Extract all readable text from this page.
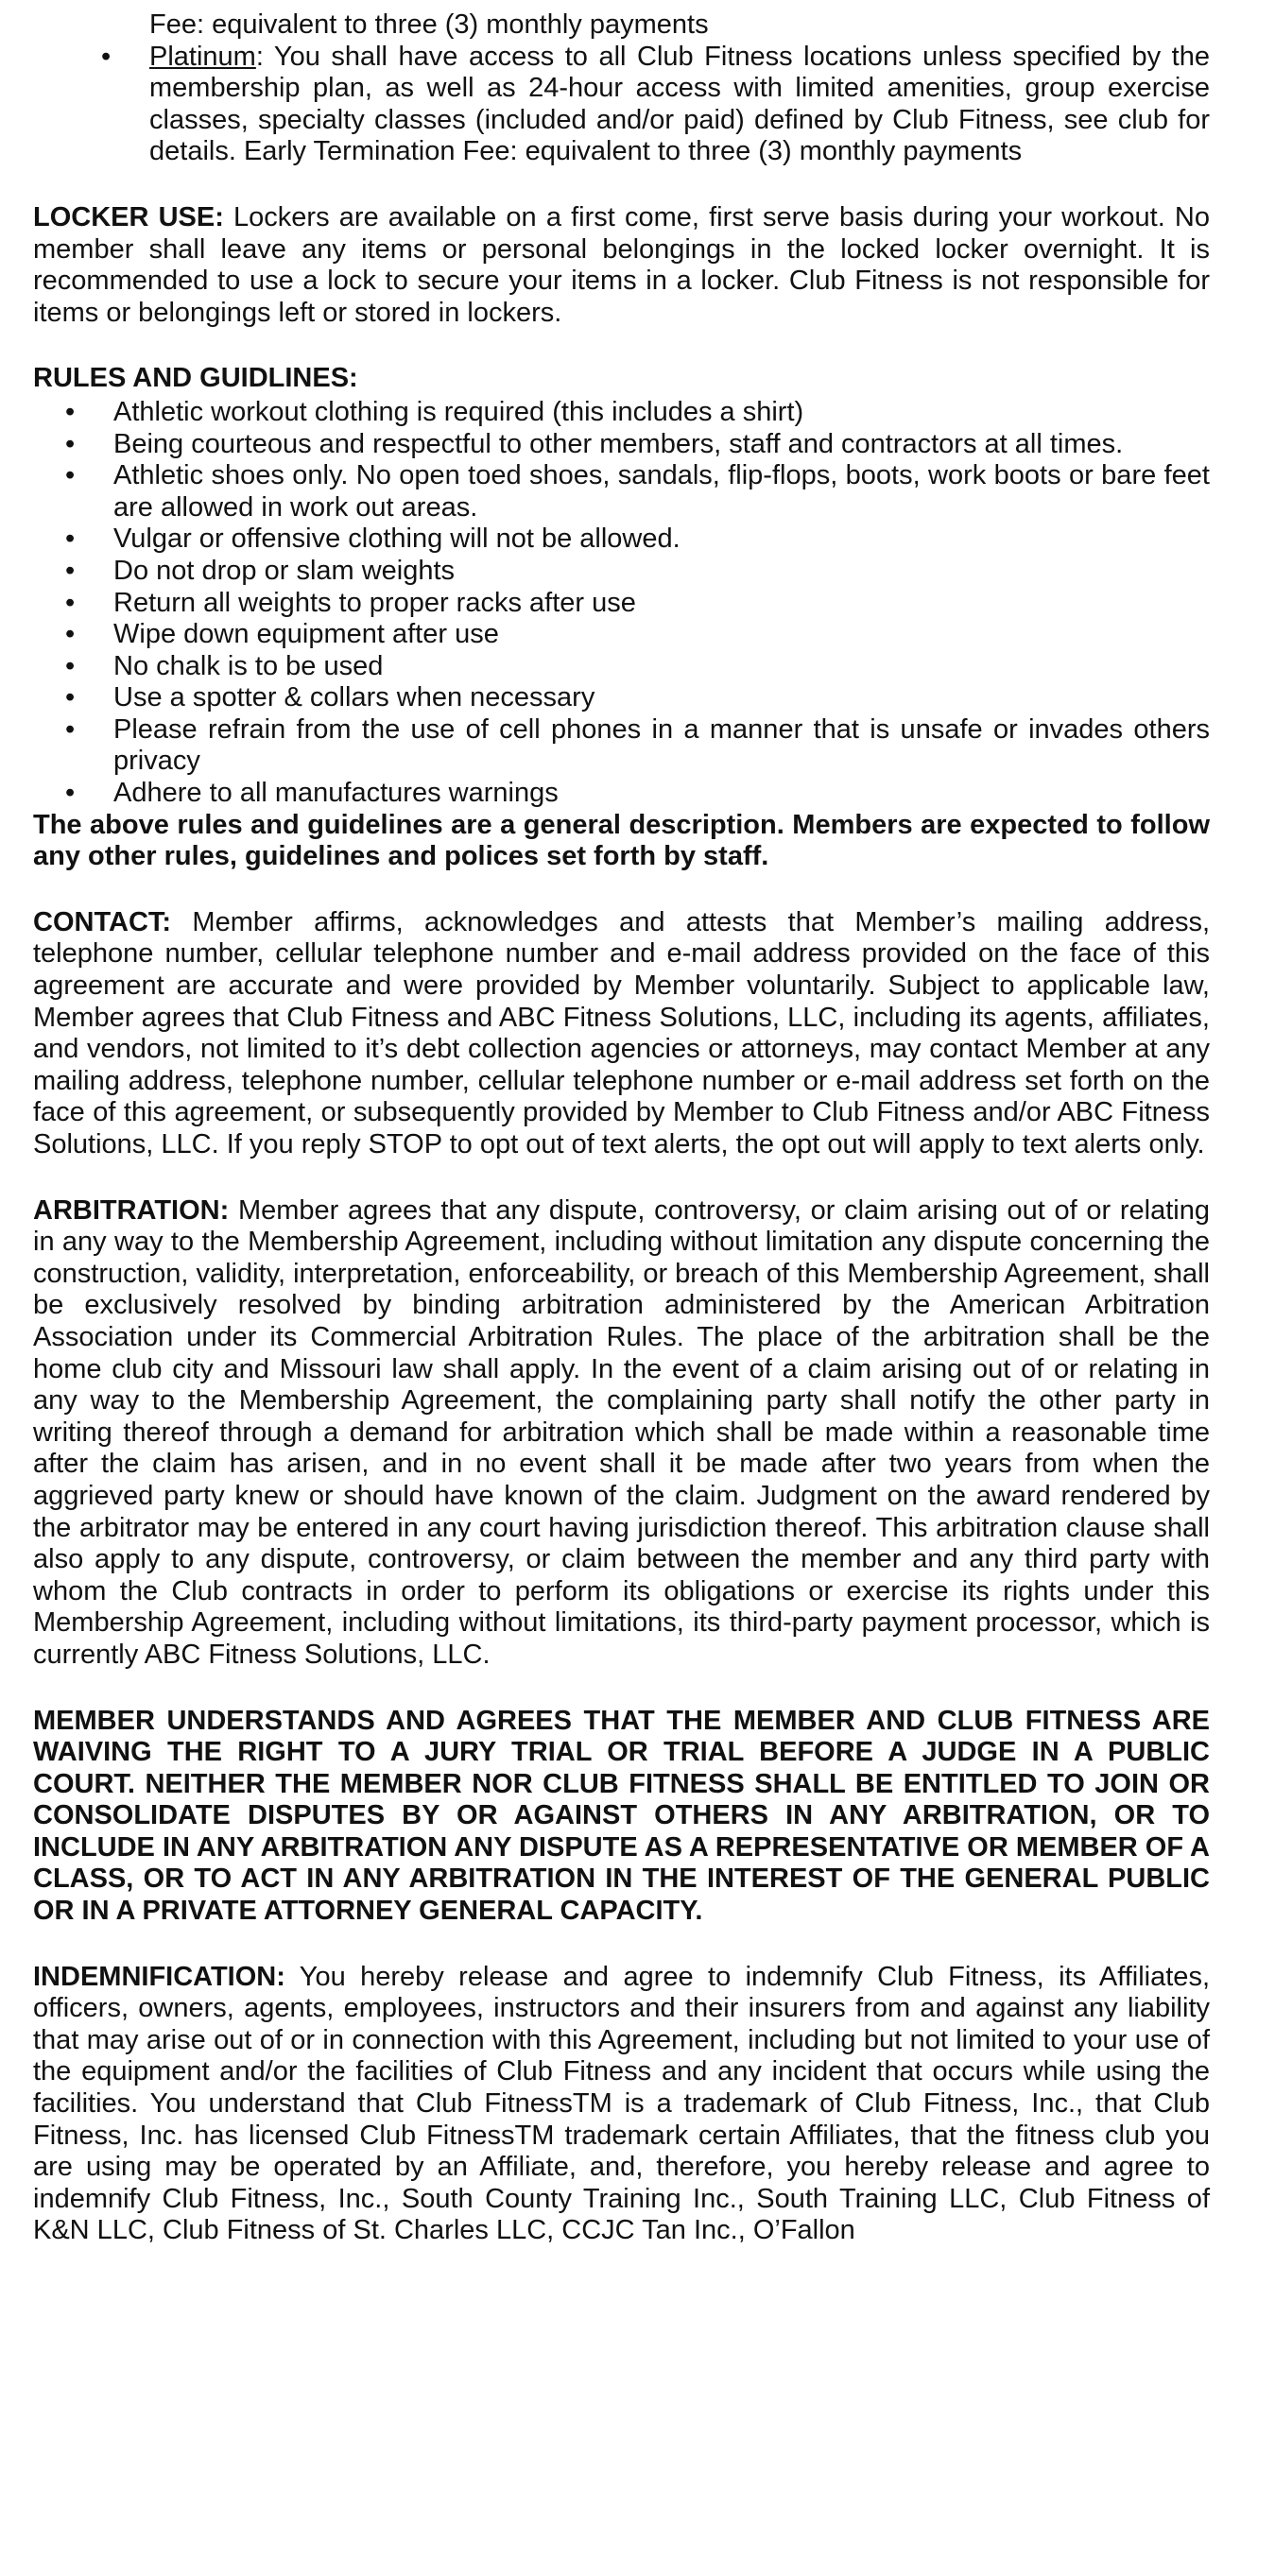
Fee: equivalent to three (3) monthly payments
• Platinum: You shall have access to all Club Fitness locations unless specified by the membership plan, as well as 24-hour access with limited amenities, group exercise classes, specialty classes (included and/or paid) defined by Club Fitness, see club for details. Early Termination Fee: equivalent to three (3) monthly payments

LOCKER USE: Lockers are available on a first come, first serve basis during your workout. No member shall leave any items or personal belongings in the locked locker overnight. It is recommended to use a lock to secure your items in a locker. Club Fitness is not responsible for items or belongings left or stored in lockers.

RULES AND GUIDLINES:
• Athletic workout clothing is required (this includes a shirt)
• Being courteous and respectful to other members, staff and contractors at all times.
• Athletic shoes only. No open toed shoes, sandals, flip-flops, boots, work boots or bare feet are allowed in work out areas.
• Vulgar or offensive clothing will not be allowed.
• Do not drop or slam weights
• Return all weights to proper racks after use
• Wipe down equipment after use
• No chalk is to be used
• Use a spotter & collars when necessary
• Please refrain from the use of cell phones in a manner that is unsafe or invades others privacy
• Adhere to all manufactures warnings

The above rules and guidelines are a general description. Members are expected to follow any other rules, guidelines and polices set forth by staff.

CONTACT: Member affirms, acknowledges and attests that Member’s mailing address, telephone number, cellular telephone number and e-mail address provided on the face of this agreement are accurate and were provided by Member voluntarily. Subject to applicable law, Member agrees that Club Fitness and ABC Fitness Solutions, LLC, including its agents, affiliates, and vendors, not limited to it’s debt collection agencies or attorneys, may contact Member at any mailing address, telephone number, cellular telephone number or e-mail address set forth on the face of this agreement, or subsequently provided by Member to Club Fitness and/or ABC Fitness Solutions, LLC. If you reply STOP to opt out of text alerts, the opt out will apply to text alerts only.

ARBITRATION: Member agrees that any dispute, controversy, or claim arising out of or relating in any way to the Membership Agreement, including without limitation any dispute concerning the construction, validity, interpretation, enforceability, or breach of this Membership Agreement, shall be exclusively resolved by binding arbitration administered by the American Arbitration Association under its Commercial Arbitration Rules. The place of the arbitration shall be the home club city and Missouri law shall apply. In the event of a claim arising out of or relating in any way to the Membership Agreement, the complaining party shall notify the other party in writing thereof through a demand for arbitration which shall be made within a reasonable time after the claim has arisen, and in no event shall it be made after two years from when the aggrieved party knew or should have known of the claim. Judgment on the award rendered by the arbitrator may be entered in any court having jurisdiction thereof. This arbitration clause shall also apply to any dispute, controversy, or claim between the member and any third party with whom the Club contracts in order to perform its obligations or exercise its rights under this Membership Agreement, including without limitations, its third-party payment processor, which is currently ABC Fitness Solutions, LLC.

MEMBER UNDERSTANDS AND AGREES THAT THE MEMBER AND CLUB FITNESS ARE WAIVING THE RIGHT TO A JURY TRIAL OR TRIAL BEFORE A JUDGE IN A PUBLIC COURT. NEITHER THE MEMBER NOR CLUB FITNESS SHALL BE ENTITLED TO JOIN OR CONSOLIDATE DISPUTES BY OR AGAINST OTHERS IN ANY ARBITRATION, OR TO INCLUDE IN ANY ARBITRATION ANY DISPUTE AS A REPRESENTATIVE OR MEMBER OF A CLASS, OR TO ACT IN ANY ARBITRATION IN THE INTEREST OF THE GENERAL PUBLIC OR IN A PRIVATE ATTORNEY GENERAL CAPACITY.

INDEMNIFICATION: You hereby release and agree to indemnify Club Fitness, its Affiliates, officers, owners, agents, employees, instructors and their insurers from and against any liability that may arise out of or in connection with this Agreement, including but not limited to your use of the equipment and/or the facilities of Club Fitness and any incident that occurs while using the facilities. You understand that Club FitnessTM is a trademark of Club Fitness, Inc., that Club Fitness, Inc. has licensed Club FitnessTM trademark certain Affiliates, that the fitness club you are using may be operated by an Affiliate, and, therefore, you hereby release and agree to indemnify Club Fitness, Inc., South County Training Inc., South Training LLC, Club Fitness of K&N LLC, Club Fitness of St. Charles LLC, CCJC Tan Inc., O’Fallon
